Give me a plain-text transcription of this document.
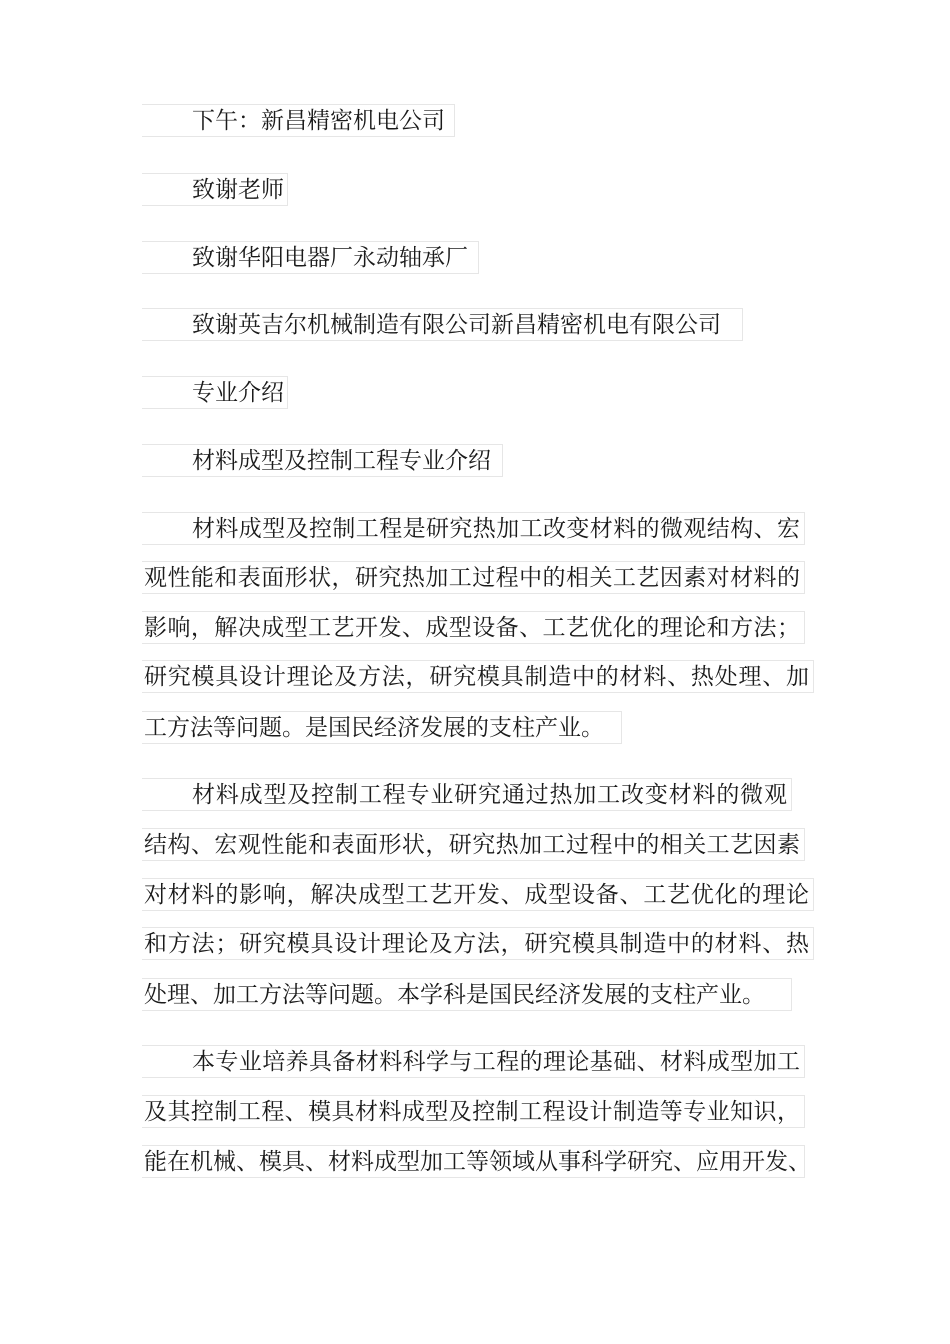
下午：新昌精密机电公司
致谢老师
致谢华阳电器厂永动轴承厂
致谢英吉尔机械制造有限公司新昌精密机电有限公司
专业介绍
材料成型及控制工程专业介绍
材料成型及控制工程是研究热加工改变材料的微观结构、宏
观性能和表面形状，研究热加工过程中的相关工艺因素对材料的
影响，解决成型工艺开发、成型设备、工艺优化的理论和方法；
研究模具设计理论及方法，研究模具制造中的材料、热处理、加
工方法等问题。是国民经济发展的支柱产业。
材料成型及控制工程专业研究通过热加工改变材料的微观
结构、宏观性能和表面形状，研究热加工过程中的相关工艺因素
对材料的影响，解决成型工艺开发、成型设备、工艺优化的理论
和方法；研究模具设计理论及方法，研究模具制造中的材料、热
处理、加工方法等问题。本学科是国民经济发展的支柱产业。
本专业培养具备材料科学与工程的理论基础、材料成型加工
及其控制工程、模具材料成型及控制工程设计制造等专业知识，
能在机械、模具、材料成型加工等领域从事科学研究、应用开发、
